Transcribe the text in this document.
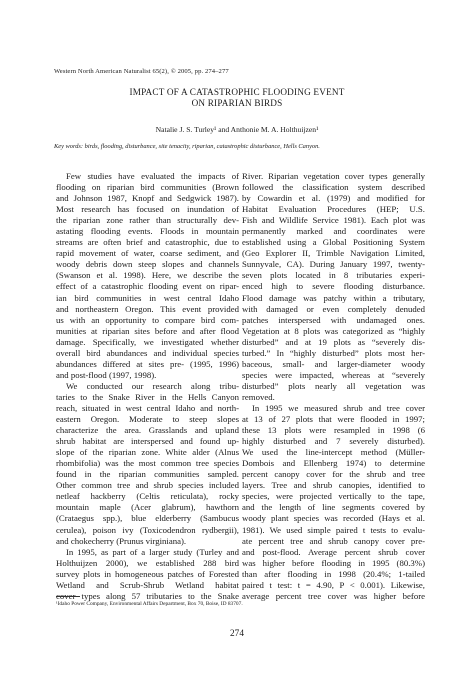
Western North American Naturalist 65(2), © 2005, pp. 274–277
IMPACT OF A CATASTROPHIC FLOODING EVENT
ON RIPARIAN BIRDS
Natalie J. S. Turley¹ and Anthonie M. A. Holthuijzen¹
Key words: birds, flooding, disturbance, site tenacity, riparian, catastrophic disturbance, Hells Canyon.
Few studies have evaluated the impacts of
flooding on riparian bird communities (Brown
and Johnson 1987, Knopf and Sedgwick 1987).
Most research has focused on inundation of
the riparian zone rather than structurally dev-
astating flooding events. Floods in mountain
streams are often brief and catastrophic, due to
rapid movement of water, coarse sediment, and
woody debris down steep slopes and channels
(Swanson et al. 1998). Here, we describe the
effect of a catastrophic flooding event on ripar-
ian bird communities in west central Idaho
and northeastern Oregon. This event provided
us with an opportunity to compare bird com-
munities at riparian sites before and after flood
damage. Specifically, we investigated whether
overall bird abundances and individual species
abundances differed at sites pre- (1995, 1996)
and post-flood (1997, 1998).
We conducted our research along tribu-
taries to the Snake River in the Hells Canyon
reach, situated in west central Idaho and north-
eastern Oregon. Moderate to steep slopes
characterize the area. Grasslands and upland
shrub habitat are interspersed and found up-
slope of the riparian zone. White alder (Alnus
rhombifolia) was the most common tree species
found in the riparian communities sampled.
Other common tree and shrub species included
netleaf hackberry (Celtis reticulata), rocky
mountain maple (Acer glabrum), hawthorn
(Crataegus spp.), blue elderberry (Sambucus
cerulea), poison ivy (Toxicodendron rydbergii),
and chokecherry (Prunus virginiana).
In 1995, as part of a larger study (Turley and
Holthuijzen 2000), we established 288 bird
survey plots in homogeneous patches of Forested
Wetland and Scrub-Shrub Wetland habitat
cover types along 57 tributaries to the Snake
River. Riparian vegetation cover types generally
followed the classification system described
by Cowardin et al. (1979) and modified for
Habitat Evaluation Procedures (HEP; U.S.
Fish and Wildlife Service 1981). Each plot was
permanently marked and coordinates were
established using a Global Positioning System
(Geo Explorer II, Trimble Navigation Limited,
Sunnyvale, CA). During January 1997, twenty-
seven plots located in 8 tributaries experi-
enced high to severe flooding disturbance.
Flood damage was patchy within a tributary,
with damaged or even completely denuded
patches interspersed with undamaged ones.
Vegetation at 8 plots was categorized as “highly
disturbed” and at 19 plots as “severely dis-
turbed.” In “highly disturbed” plots most her-
baceous, small- and larger-diameter woody
species were impacted, whereas at “severely
disturbed” plots nearly all vegetation was
removed.
In 1995 we measured shrub and tree cover
at 13 of 27 plots that were flooded in 1997;
these 13 plots were resampled in 1998 (6
highly disturbed and 7 severely disturbed).
We used the line-intercept method (Müller-
Dombois and Ellenberg 1974) to determine
percent canopy cover for the shrub and tree
layers. Tree and shrub canopies, identified to
species, were projected vertically to the tape,
and the length of line segments covered by
woody plant species was recorded (Hays et al.
1981). We used simple paired t tests to evalu-
ate percent tree and shrub canopy cover pre-
and post-flood. Average percent shrub cover
was higher before flooding in 1995 (80.3%)
than after flooding in 1998 (20.4%; 1-tailed
paired t test: t = 4.90, P < 0.001). Likewise,
average percent tree cover was higher before
¹Idaho Power Company, Environmental Affairs Department, Box 70, Boise, ID 83707.
274
